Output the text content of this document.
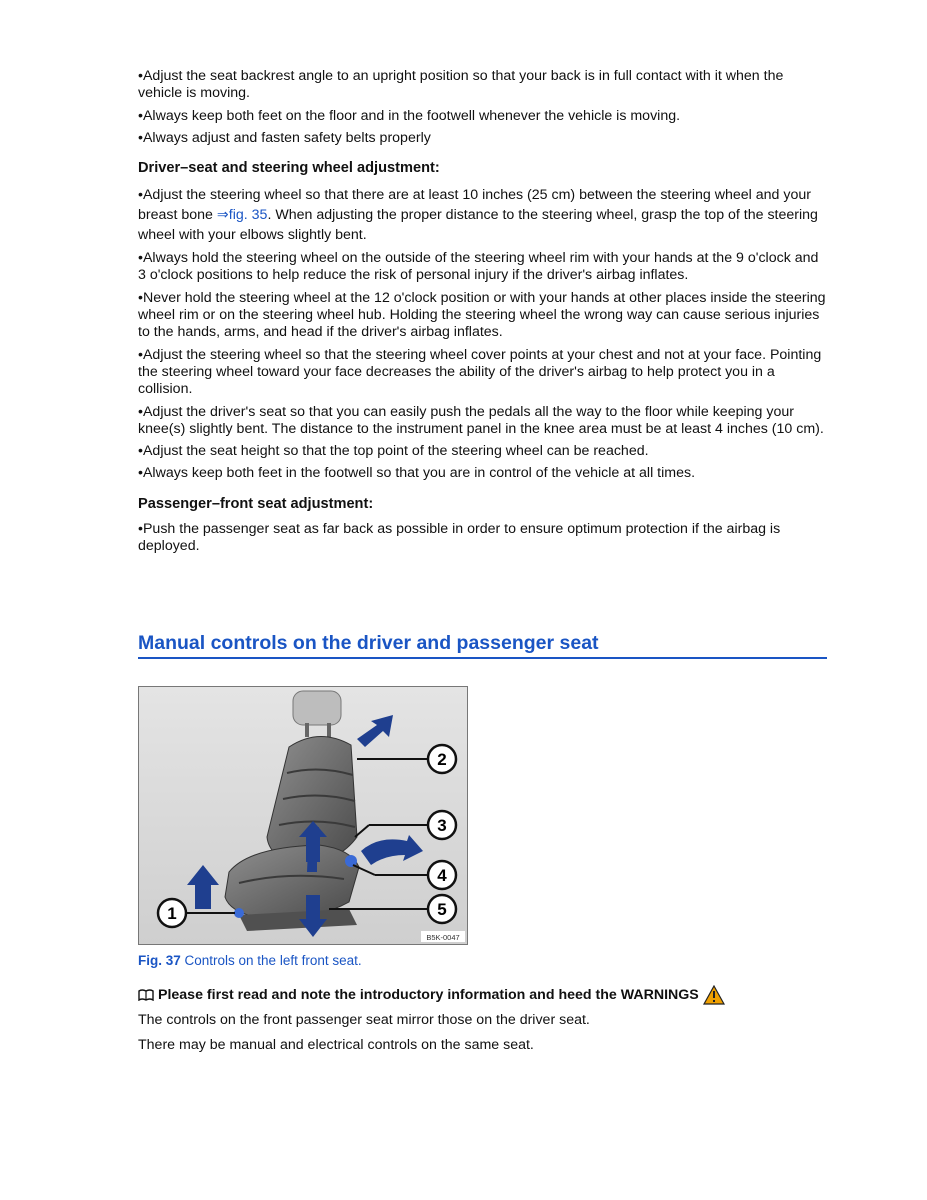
•Adjust the seat backrest angle to an upright position so that your back is in full contact with it when the vehicle is moving.

•Always keep both feet on the floor and in the footwell whenever the vehicle is moving.

•Always adjust and fasten safety belts properly

Driver–seat and steering wheel adjustment:

•Adjust the steering wheel so that there are at least 10 inches (25 cm) between the steering wheel and your breast bone ⇒fig. 35. When adjusting the proper distance to the steering wheel, grasp the top of the steering wheel with your elbows slightly bent.

•Always hold the steering wheel on the outside of the steering wheel rim with your hands at the 9 o'clock and 3 o'clock positions to help reduce the risk of personal injury if the driver's airbag inflates.

•Never hold the steering wheel at the 12 o'clock position or with your hands at other places inside the steering wheel rim or on the steering wheel hub. Holding the steering wheel the wrong way can cause serious injuries to the hands, arms, and head if the driver's airbag inflates.

•Adjust the steering wheel so that the steering wheel cover points at your chest and not at your face. Pointing the steering wheel toward your face decreases the ability of the driver's airbag to help protect you in a collision.

•Adjust the driver's seat so that you can easily push the pedals all the way to the floor while keeping your knee(s) slightly bent. The distance to the instrument panel in the knee area must be at least 4 inches (10 cm).

•Adjust the seat height so that the top point of the steering wheel can be reached.

•Always keep both feet in the footwell so that you are in control of the vehicle at all times.

Passenger–front seat adjustment:

•Push the passenger seat as far back as possible in order to ensure optimum protection if the airbag is deployed.

Manual controls on the driver and passenger seat
1
2
3
4
5
B5K-0047
Fig. 37 Controls on the left front seat.
Please first read and note the introductory information and heed the WARNINGS
The controls on the front passenger seat mirror those on the driver seat.
There may be manual and electrical controls on the same seat.
